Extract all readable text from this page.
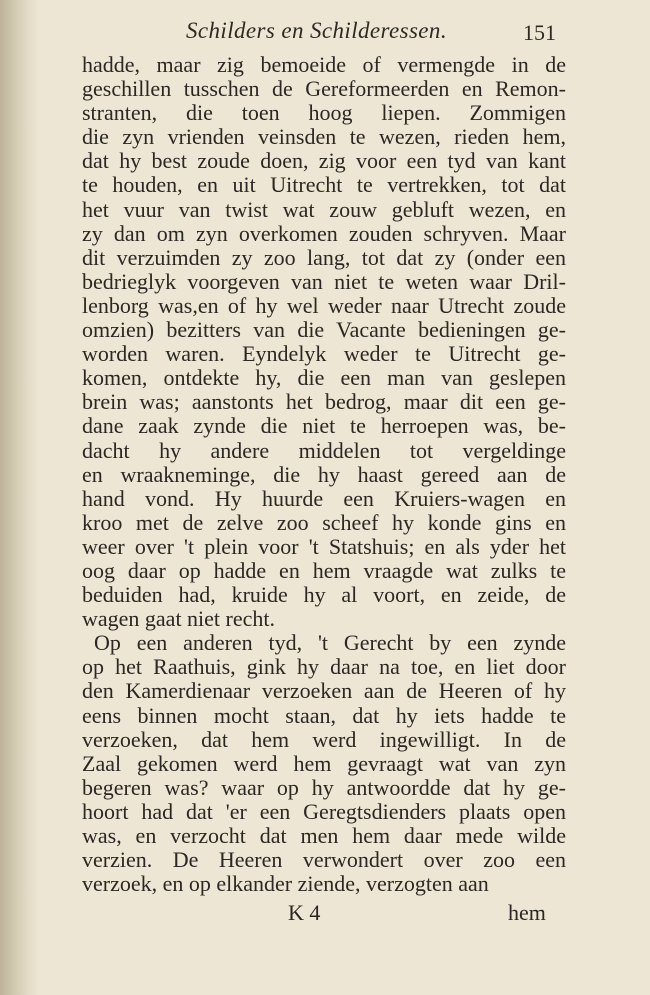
Schilders en Schilderessen.	151
hadde, maar zig bemoeide of vermengde in de
geschillen tusschen de Gereformeerden en Remon-
stranten, die toen hoog liepen. Zommigen
die zyn vrienden veinsden te wezen, rieden hem,
dat hy best zoude doen, zig voor een tyd van kant
te houden, en uit Uitrecht te vertrekken, tot dat
het vuur van twist wat zouw gebluft wezen, en
zy dan om zyn overkomen zouden schryven. Maar
dit verzuimden zy zoo lang, tot dat zy (onder een
bedrieglyk voorgeven van niet te weten waar Dril-
lenborg was,en of hy wel weder naar Utrecht zoude
omzien) bezitters van die Vacante bedieningen ge-
worden waren. Eyndelyk weder te Uitrecht ge-
komen, ontdekte hy, die een man van geslepen
brein was; aanstonts het bedrog, maar dit een ge-
dane zaak zynde die niet te herroepen was, be-
dacht hy andere middelen tot vergeldinge
en wraakneminge, die hy haast gereed aan de
hand vond. Hy huurde een Kruiers-wagen en
kroo met de zelve zoo scheef hy konde gins en
weer over 't plein voor 't Statshuis; en als yder het
oog daar op hadde en hem vraagde wat zulks te
beduiden had, kruide hy al voort, en zeide, de
wagen gaat niet recht.
Op een anderen tyd, 't Gerecht by een zynde
op het Raathuis, gink hy daar na toe, en liet door
den Kamerdienaar verzoeken aan de Heeren of hy
eens binnen mocht staan, dat hy iets hadde te
verzoeken, dat hem werd ingewilligt. In de
Zaal gekomen werd hem gevraagt wat van zyn
begeren was? waar op hy antwoordde dat hy ge-
hoort had dat 'er een Geregtsdienders plaats open
was, en verzocht dat men hem daar mede wilde
verzien. De Heeren verwondert over zoo een
verzoek, en op elkander ziende, verzogten aan
K 4	hem
